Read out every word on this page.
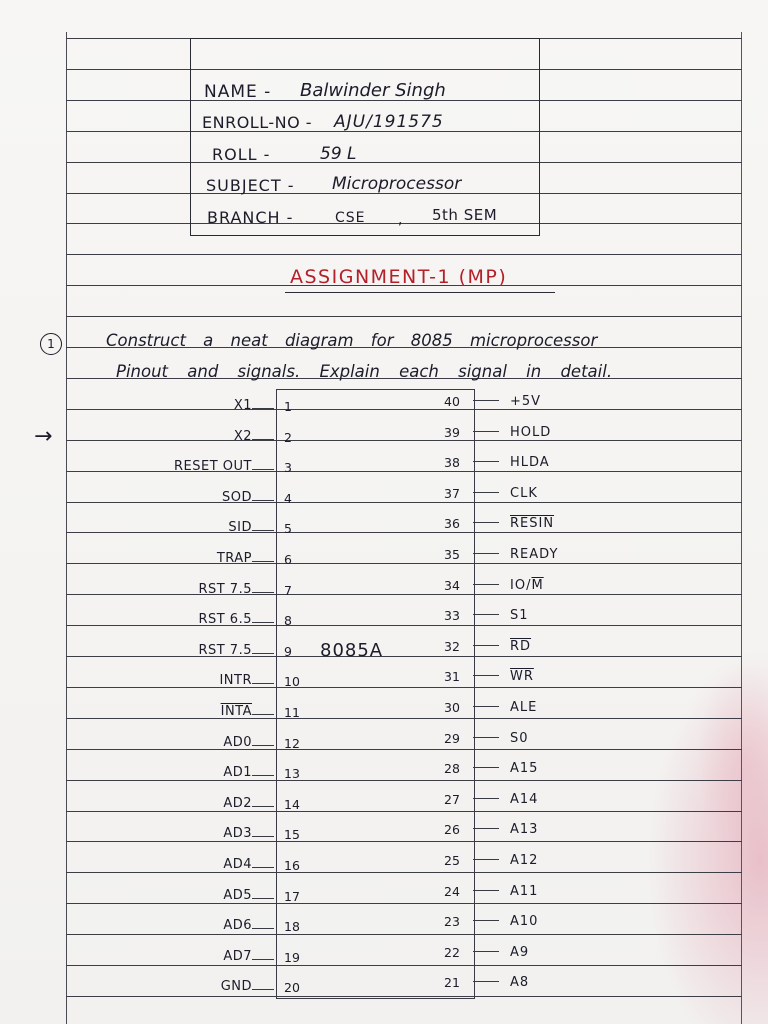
NAME - Balwinder Singh
ENROLL-NO - AJU/191575
ROLL -	59 L
SUBJECT - Microprocessor
BRANCH -	CSE , 5th SEM
ASSIGNMENT-1 (MP)
1	Construct a neat diagram for 8085 microprocessor
Pinout and signals. Explain each signal in detail.
→
8085A
X1	1
X2	2
RESET OUT	3
SOD	4
SID	5
TRAP	6
RST 7.5	7
RST 6.5	8
RST 7.5	9
INTR	10
INTA	11
AD0	12
AD1	13
AD2	14
AD3	15
AD4	16
AD5	17
AD6	18
AD7	19
GND	20
40	+5V
39	HOLD
38	HLDA
37	CLK
36	RESIN
35	READY
34	$IO/\overline{M}$
33	S1
32	$\overline{RD}$
31	$\overline{WR}$
30	ALE
29	S0
28	A15
27	A14
26	A13
25	A12
24	A11
23	A10
22	A9
21	A8
